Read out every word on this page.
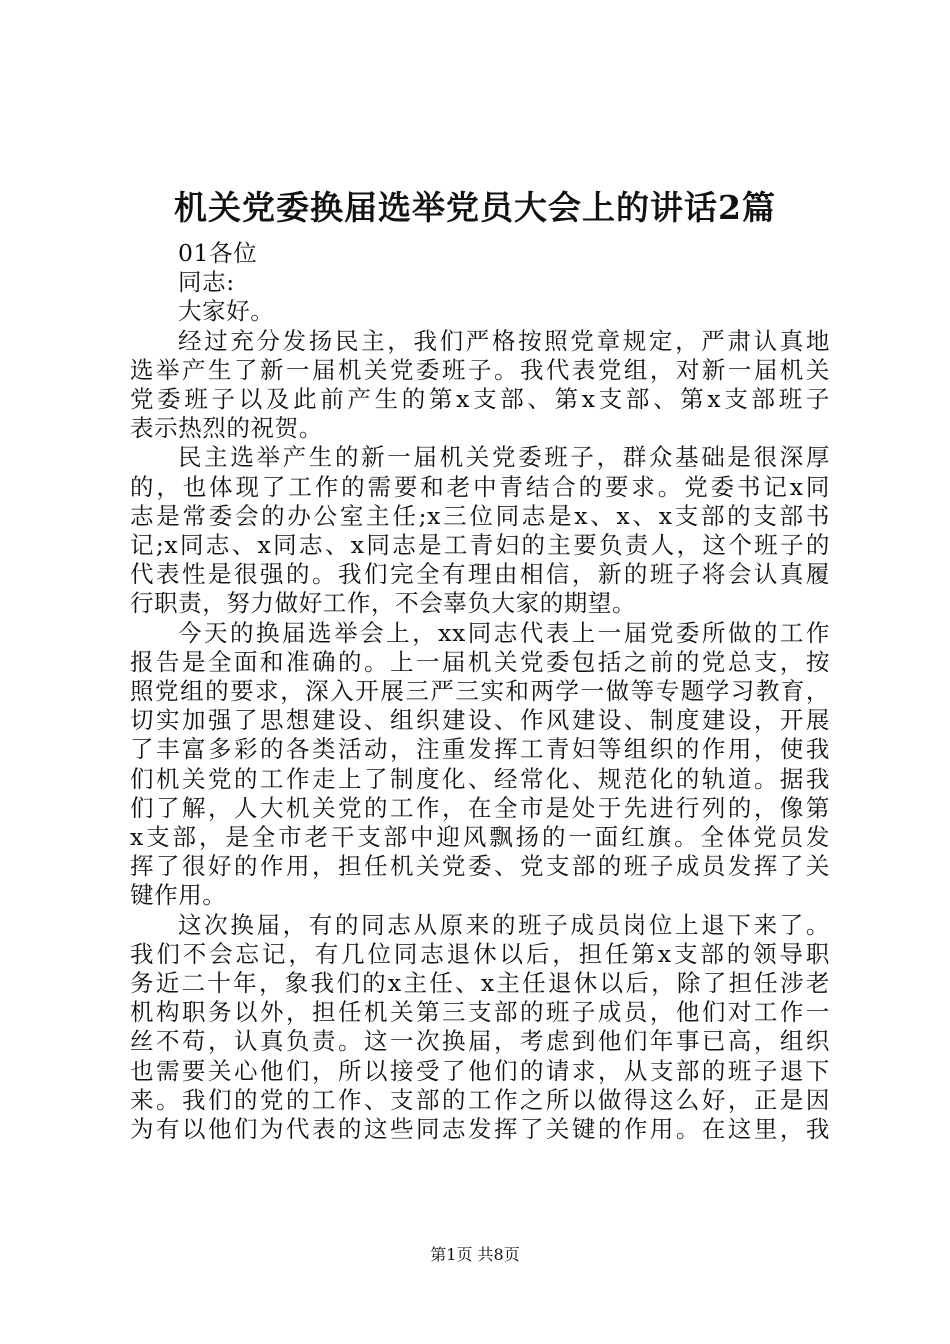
机关党委换届选举党员大会上的讲话2篇
01各位
同志:
大家好。
经过充分发扬民主，我们严格按照党章规定，严肃认真地
选举产生了新一届机关党委班子。我代表党组，对新一届机关
党委班子以及此前产生的第x支部、第x支部、第x支部班子
表示热烈的祝贺。
民主选举产生的新一届机关党委班子，群众基础是很深厚
的，也体现了工作的需要和老中青结合的要求。党委书记x同
志是常委会的办公室主任;x三位同志是x、x、x支部的支部书
记;x同志、x同志、x同志是工青妇的主要负责人，这个班子的
代表性是很强的。我们完全有理由相信，新的班子将会认真履
行职责，努力做好工作，不会辜负大家的期望。
今天的换届选举会上，xx同志代表上一届党委所做的工作
报告是全面和准确的。上一届机关党委包括之前的党总支，按
照党组的要求，深入开展三严三实和两学一做等专题学习教育，
切实加强了思想建设、组织建设、作风建设、制度建设，开展
了丰富多彩的各类活动，注重发挥工青妇等组织的作用，使我
们机关党的工作走上了制度化、经常化、规范化的轨道。据我
们了解，人大机关党的工作，在全市是处于先进行列的，像第
x支部，是全市老干支部中迎风飘扬的一面红旗。全体党员发
挥了很好的作用，担任机关党委、党支部的班子成员发挥了关
键作用。
这次换届，有的同志从原来的班子成员岗位上退下来了。
我们不会忘记，有几位同志退休以后，担任第x支部的领导职
务近二十年，象我们的x主任、x主任退休以后，除了担任涉老
机构职务以外，担任机关第三支部的班子成员，他们对工作一
丝不苟，认真负责。这一次换届，考虑到他们年事已高，组织
也需要关心他们，所以接受了他们的请求，从支部的班子退下
来。我们的党的工作、支部的工作之所以做得这么好，正是因
为有以他们为代表的这些同志发挥了关键的作用。在这里，我
第1页 共8页
